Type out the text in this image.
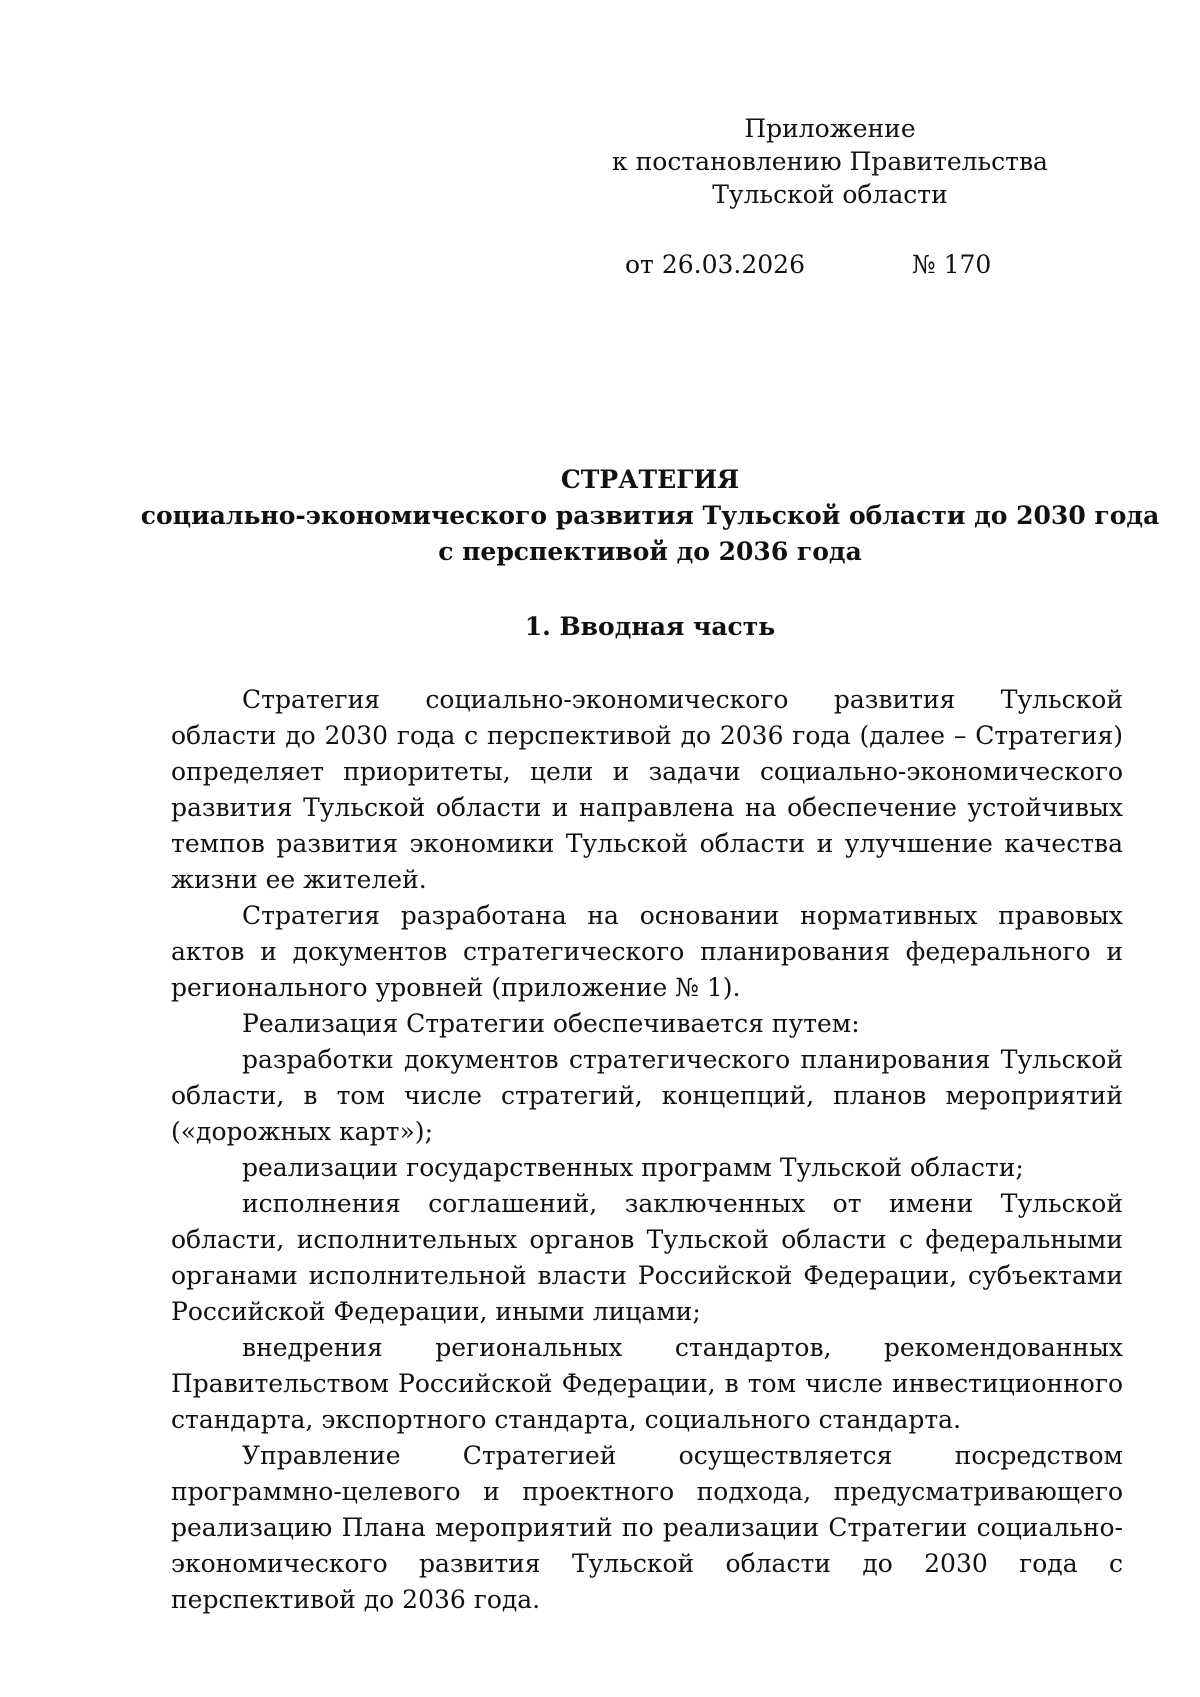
Приложение
к постановлению Правительства
Тульской области
от 26.03.2026	№ 170
СТРАТЕГИЯ
социально-экономического развития Тульской области до 2030 года
с перспективой до 2036 года
1. Вводная часть

Стратегия социально-экономического развития Тульской области до 2030 года с перспективой до 2036 года (далее – Стратегия) определяет приоритеты, цели и задачи социально-экономического развития Тульской области и направлена на обеспечение устойчивых темпов развития экономики Тульской области и улучшение качества жизни ее жителей.

Стратегия разработана на основании нормативных правовых актов и документов стратегического планирования федерального и регионального уровней (приложение № 1).

Реализация Стратегии обеспечивается путем:

разработки документов стратегического планирования Тульской области, в том числе стратегий, концепций, планов мероприятий («дорожных карт»);

реализации государственных программ Тульской области;

исполнения соглашений, заключенных от имени Тульской области, исполнительных органов Тульской области с федеральными органами исполнительной власти Российской Федерации, субъектами Российской Федерации, иными лицами;

внедрения региональных стандартов, рекомендованных Правительством Российской Федерации, в том числе инвестиционного стандарта, экспортного стандарта, социального стандарта.

Управление Стратегией осуществляется посредством программно-целевого и проектного подхода, предусматривающего реализацию Плана мероприятий по реализации Стратегии социально-экономического развития Тульской области до 2030 года с перспективой до 2036 года.
